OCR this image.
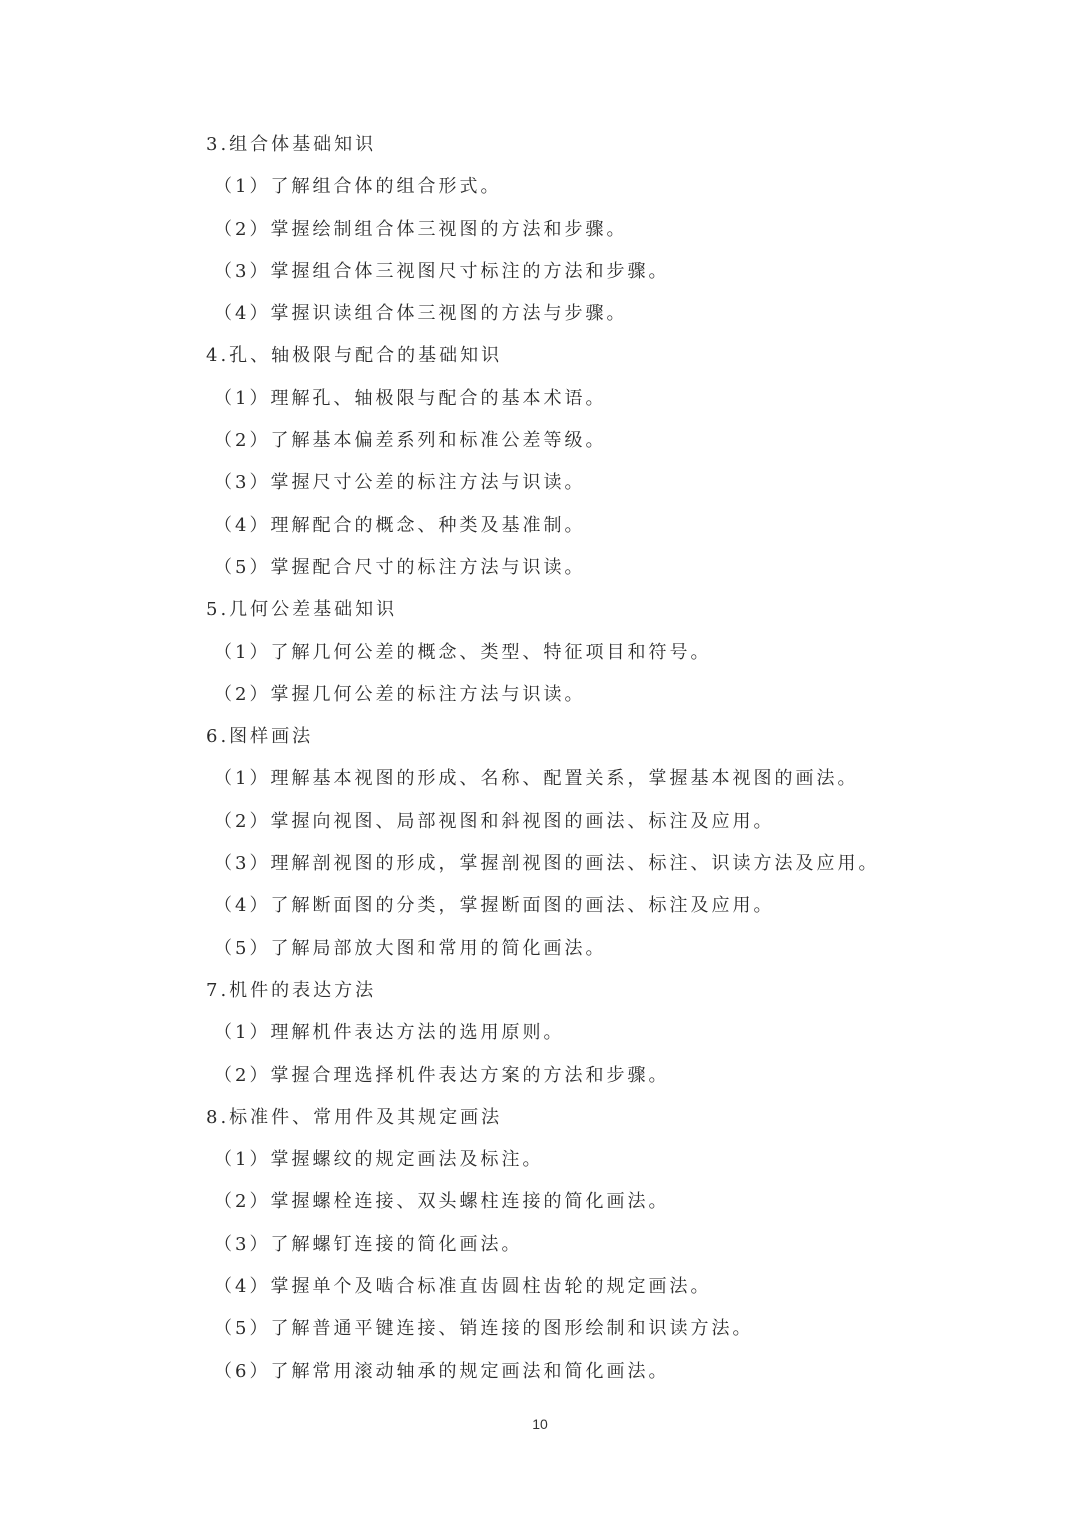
3.组合体基础知识
（1）了解组合体的组合形式。
（2）掌握绘制组合体三视图的方法和步骤。
（3）掌握组合体三视图尺寸标注的方法和步骤。
（4）掌握识读组合体三视图的方法与步骤。
4.孔、轴极限与配合的基础知识
（1）理解孔、轴极限与配合的基本术语。
（2）了解基本偏差系列和标准公差等级。
（3）掌握尺寸公差的标注方法与识读。
（4）理解配合的概念、种类及基准制。
（5）掌握配合尺寸的标注方法与识读。
5.几何公差基础知识
（1）了解几何公差的概念、类型、特征项目和符号。
（2）掌握几何公差的标注方法与识读。
6.图样画法
（1）理解基本视图的形成、名称、配置关系，掌握基本视图的画法。
（2）掌握向视图、局部视图和斜视图的画法、标注及应用。
（3）理解剖视图的形成，掌握剖视图的画法、标注、识读方法及应用。
（4）了解断面图的分类，掌握断面图的画法、标注及应用。
（5）了解局部放大图和常用的简化画法。
7.机件的表达方法
（1）理解机件表达方法的选用原则。
（2）掌握合理选择机件表达方案的方法和步骤。
8.标准件、常用件及其规定画法
（1）掌握螺纹的规定画法及标注。
（2）掌握螺栓连接、双头螺柱连接的简化画法。
（3）了解螺钉连接的简化画法。
（4）掌握单个及啮合标准直齿圆柱齿轮的规定画法。
（5）了解普通平键连接、销连接的图形绘制和识读方法。
（6）了解常用滚动轴承的规定画法和简化画法。
10
